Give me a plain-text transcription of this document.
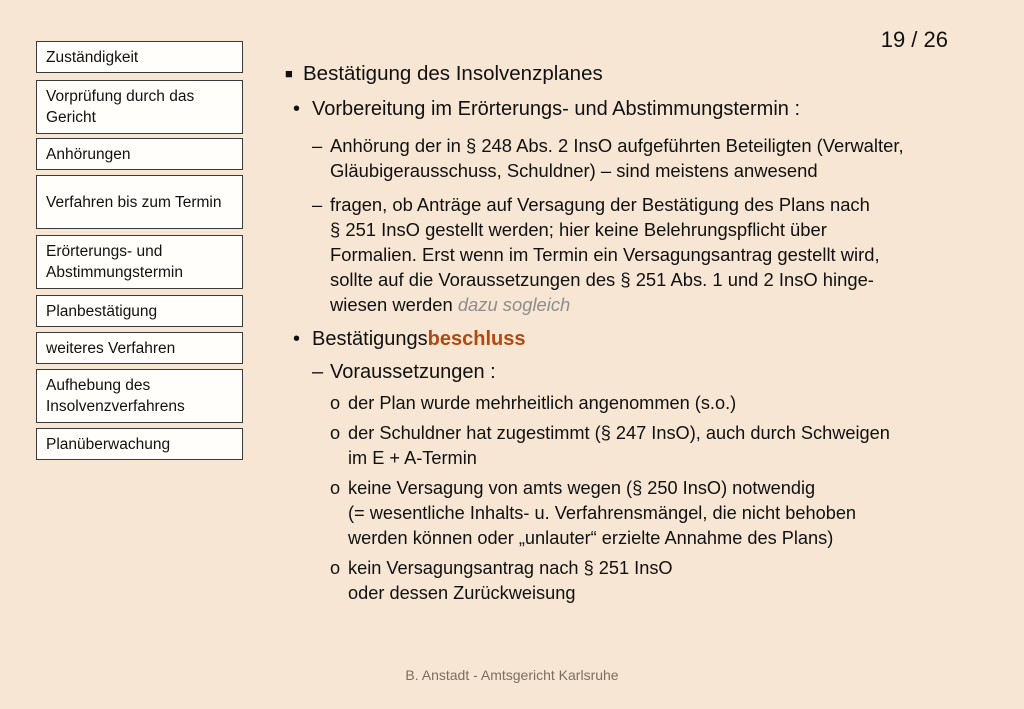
Zuständigkeit
Vorprüfung durch das Gericht
Anhörungen
Verfahren bis zum Termin
Erörterungs- und Abstimmungstermin
Planbestätigung
weiteres Verfahren
Aufhebung des Insolvenzverfahrens
Planüberwachung
19 / 26
■ Bestätigung des Insolvenzplanes
• Vorbereitung im Erörterungs- und Abstimmungstermin :
– Anhörung der in § 248 Abs. 2 InsO aufgeführten Beteiligten (Verwalter,
Gläubigerausschuss, Schuldner) – sind meistens anwesend
– fragen, ob Anträge auf Versagung der Bestätigung des Plans nach
§ 251 InsO gestellt werden; hier keine Belehrungspflicht über
Formalien. Erst wenn im Termin ein Versagungsantrag gestellt wird,
sollte auf die Voraussetzungen des § 251 Abs. 1 und 2 InsO hinge-
wiesen werden dazu sogleich
• Bestätigungsbeschluss
– Voraussetzungen :
o der Plan wurde mehrheitlich angenommen (s.o.)
o der Schuldner hat zugestimmt (§ 247 InsO), auch durch Schweigen
im E + A-Termin
o keine Versagung von amts wegen (§ 250 InsO) notwendig
(= wesentliche Inhalts- u. Verfahrensmängel, die nicht behoben
werden können oder „unlauter“ erzielte Annahme des Plans)
o kein Versagungsantrag nach § 251 InsO
oder dessen Zurückweisung
B. Anstadt - Amtsgericht Karlsruhe
